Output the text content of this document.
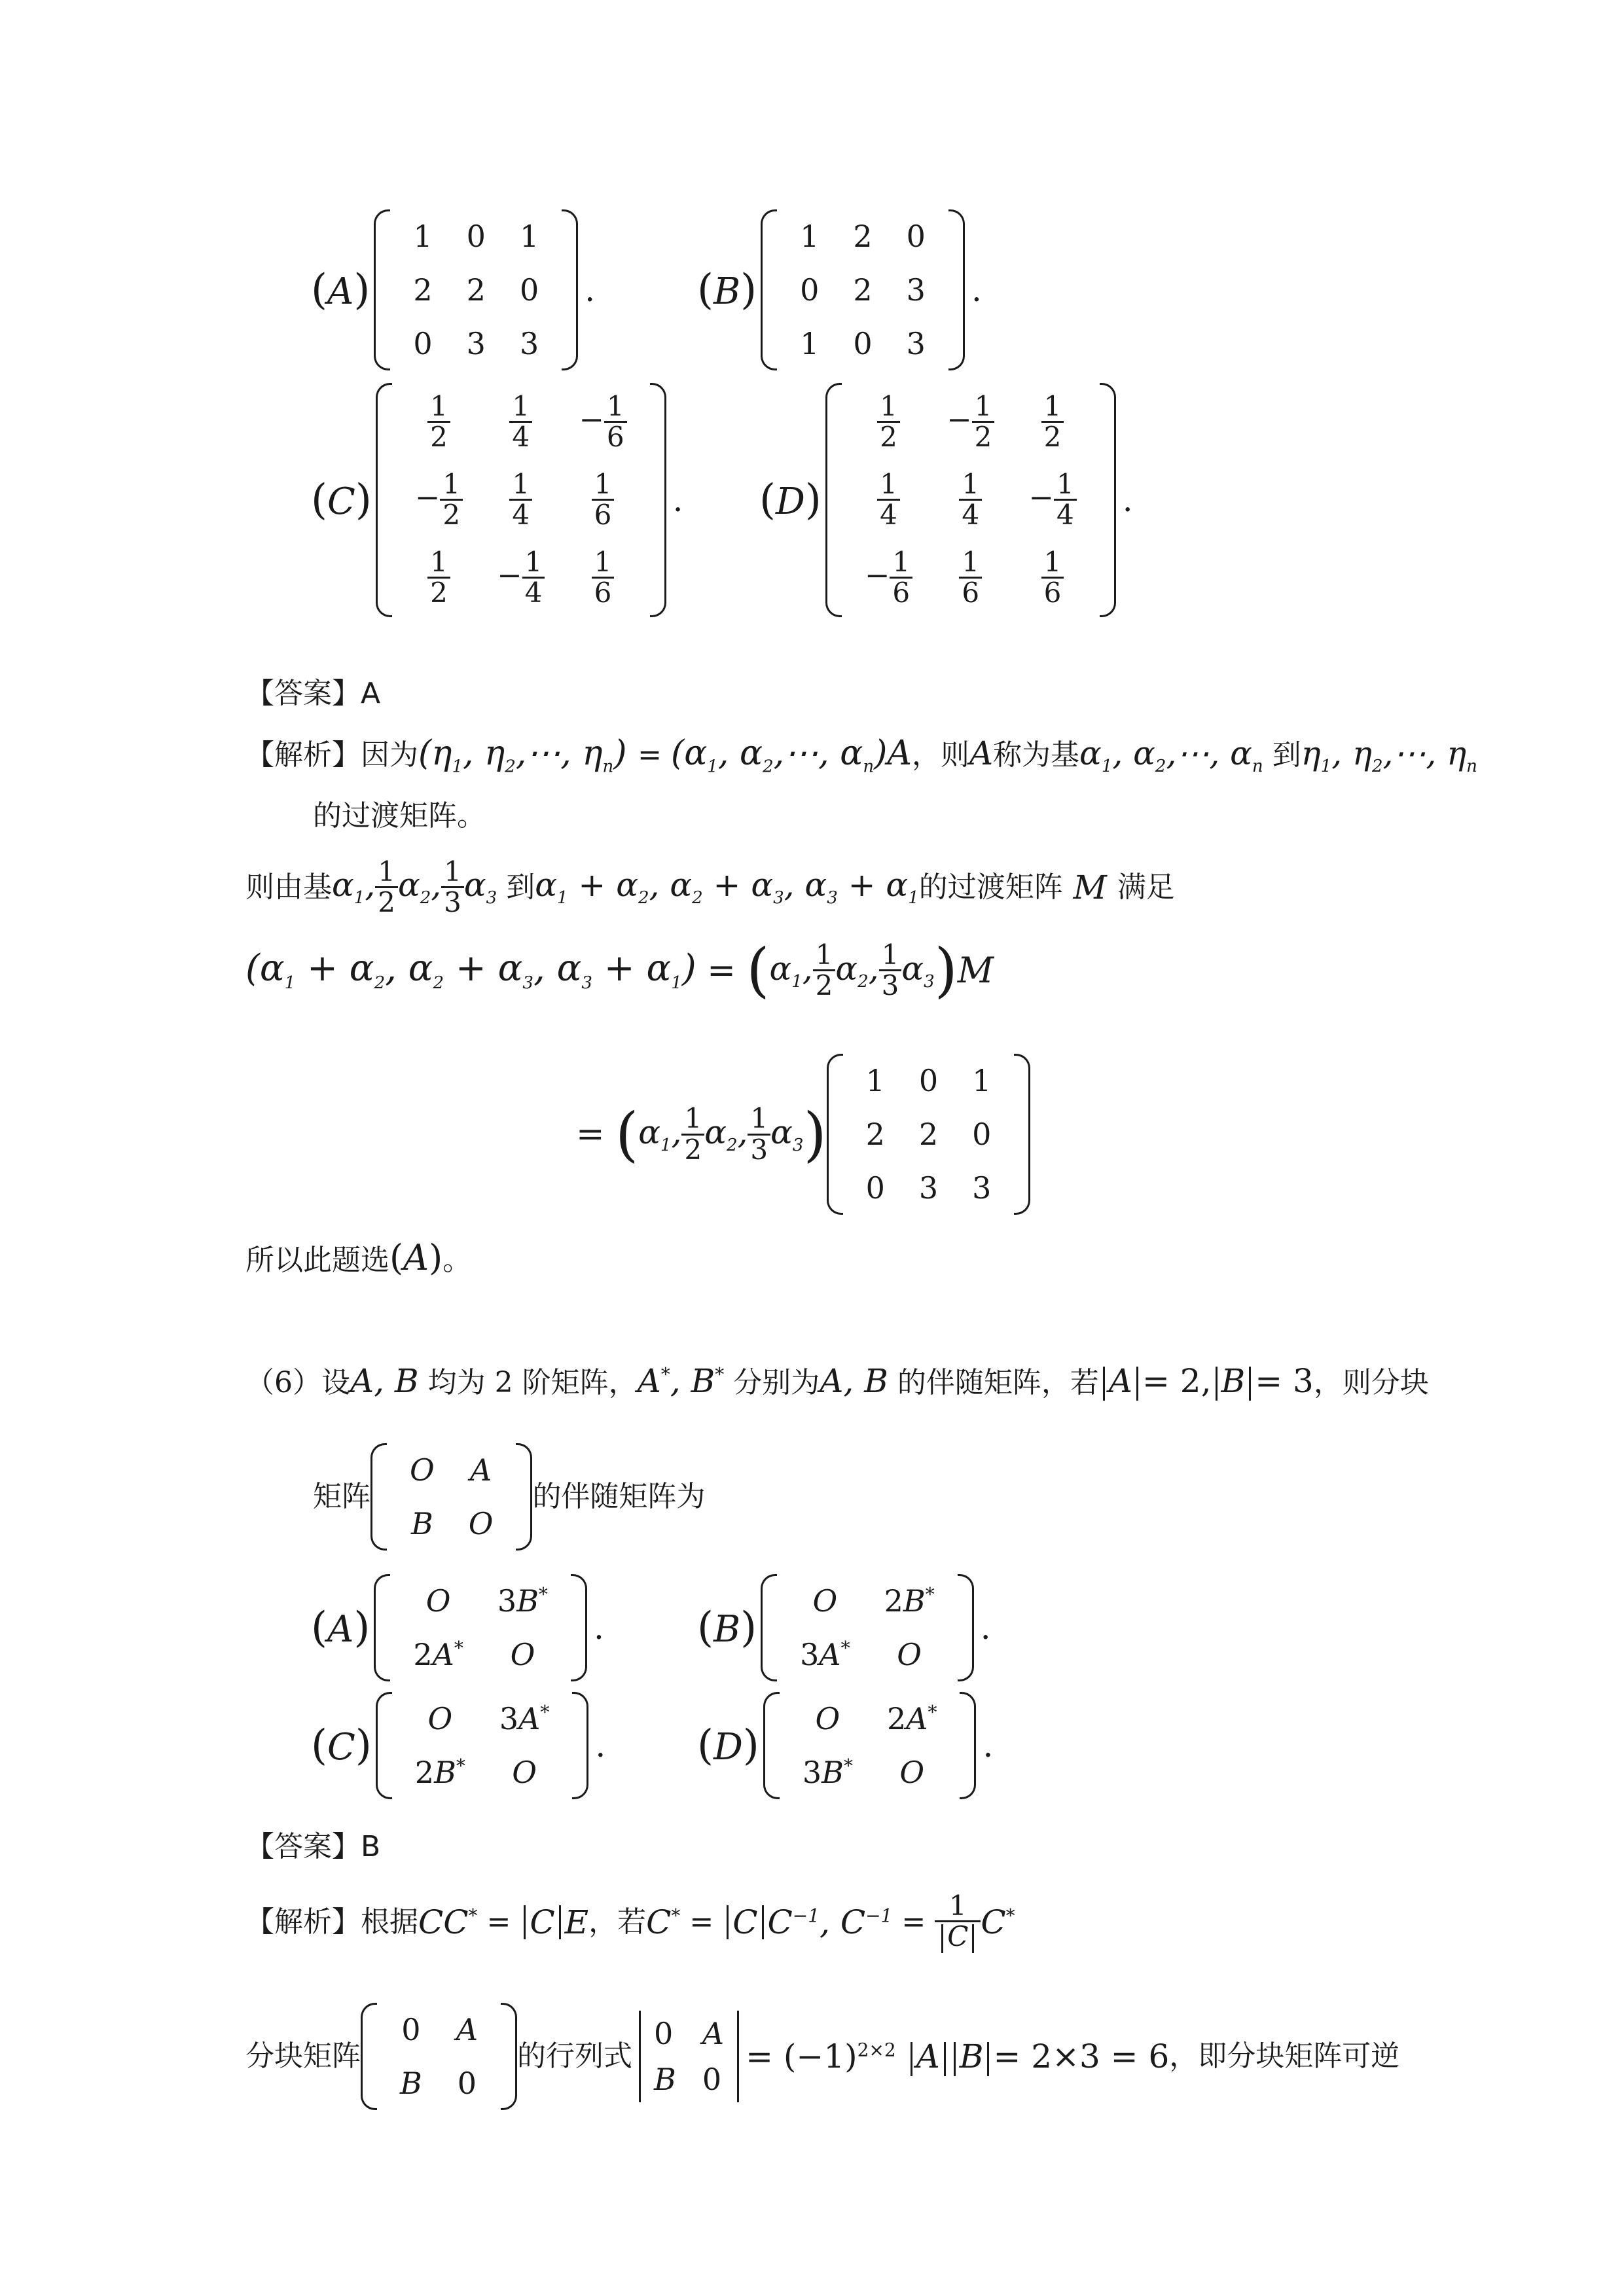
(A)
1	0	1
2	2	0
0	3	3
. (B)
1	2	0
0	2	3
1	0	3
.
(C)
$\frac{1}{2}$	$\frac{1}{4}$	− $\frac{1}{6}$

− $\frac{1}{2}$	$\frac{1}{4}$	$\frac{1}{6}$

$\frac{1}{2}$	− $\frac{1}{4}$	$\frac{1}{6}$
. (D)
$\frac{1}{2}$	− $\frac{1}{2}$	$\frac{1}{2}$

$\frac{1}{4}$	$\frac{1}{4}$	− $\frac{1}{4}$

− $\frac{1}{6}$	$\frac{1}{6}$	$\frac{1}{6}$
.
【答案】A
【解析】因为($\eta_1$, $\eta_2,\cdots$, $\eta_n) = (\alpha_1$, $\alpha_2,\cdots$, $\alpha_n)A$，则A称为基$\alpha_1$, $\alpha_2,\cdots$, $\alpha_n$ 到$\eta_1$, $\eta_2,\cdots$, $\eta_n$
的过渡矩阵。
则由基 $\alpha_1$, $\frac{1}{2} \alpha_2$, $\frac{1}{3} \alpha_3$
到 $\alpha_1 + \alpha_2$, $\alpha_2 + \alpha_3$, $\alpha_3 + \alpha_1$ 的过渡矩阵 M 满足
($\alpha_1 + \alpha_2$, $\alpha_2 + \alpha_3$, $\alpha_3 + \alpha_1$) = ( $\alpha_1$, $\frac{1}{2} \alpha_2$, $\frac{1}{3} \alpha_3$ ) M
= ( $\alpha_1$, $\frac{1}{2} \alpha_2$, $\frac{1}{3} \alpha_3$ )
1	0	1
2	2	0
0	3	3
所以此题选(A)。
（6）设A, B 均为 2 阶矩阵，A*, B* 分别为A, B 的伴随矩阵，若 A = 2, B = 3，则分块
矩阵
O	A
B	O
的伴随矩阵为
(A)
O	3B*
2A*	O
. (B)
O	2B*
3A*	O
.
(C)
O	3A*
2B*	O
. (D)
O	2A*
3B*	O
.
【答案】B
【解析】 根据 CC* = C E ，若 C* = C $C^{-1}$, $C^{-1} = \frac{1}{C} C^*$
分块矩阵
0	A
B	0
的行列式
0	A
B	0
= $(-1)^{2\times 2}$ A B = 2×3 = 6 ，即分块矩阵可逆
